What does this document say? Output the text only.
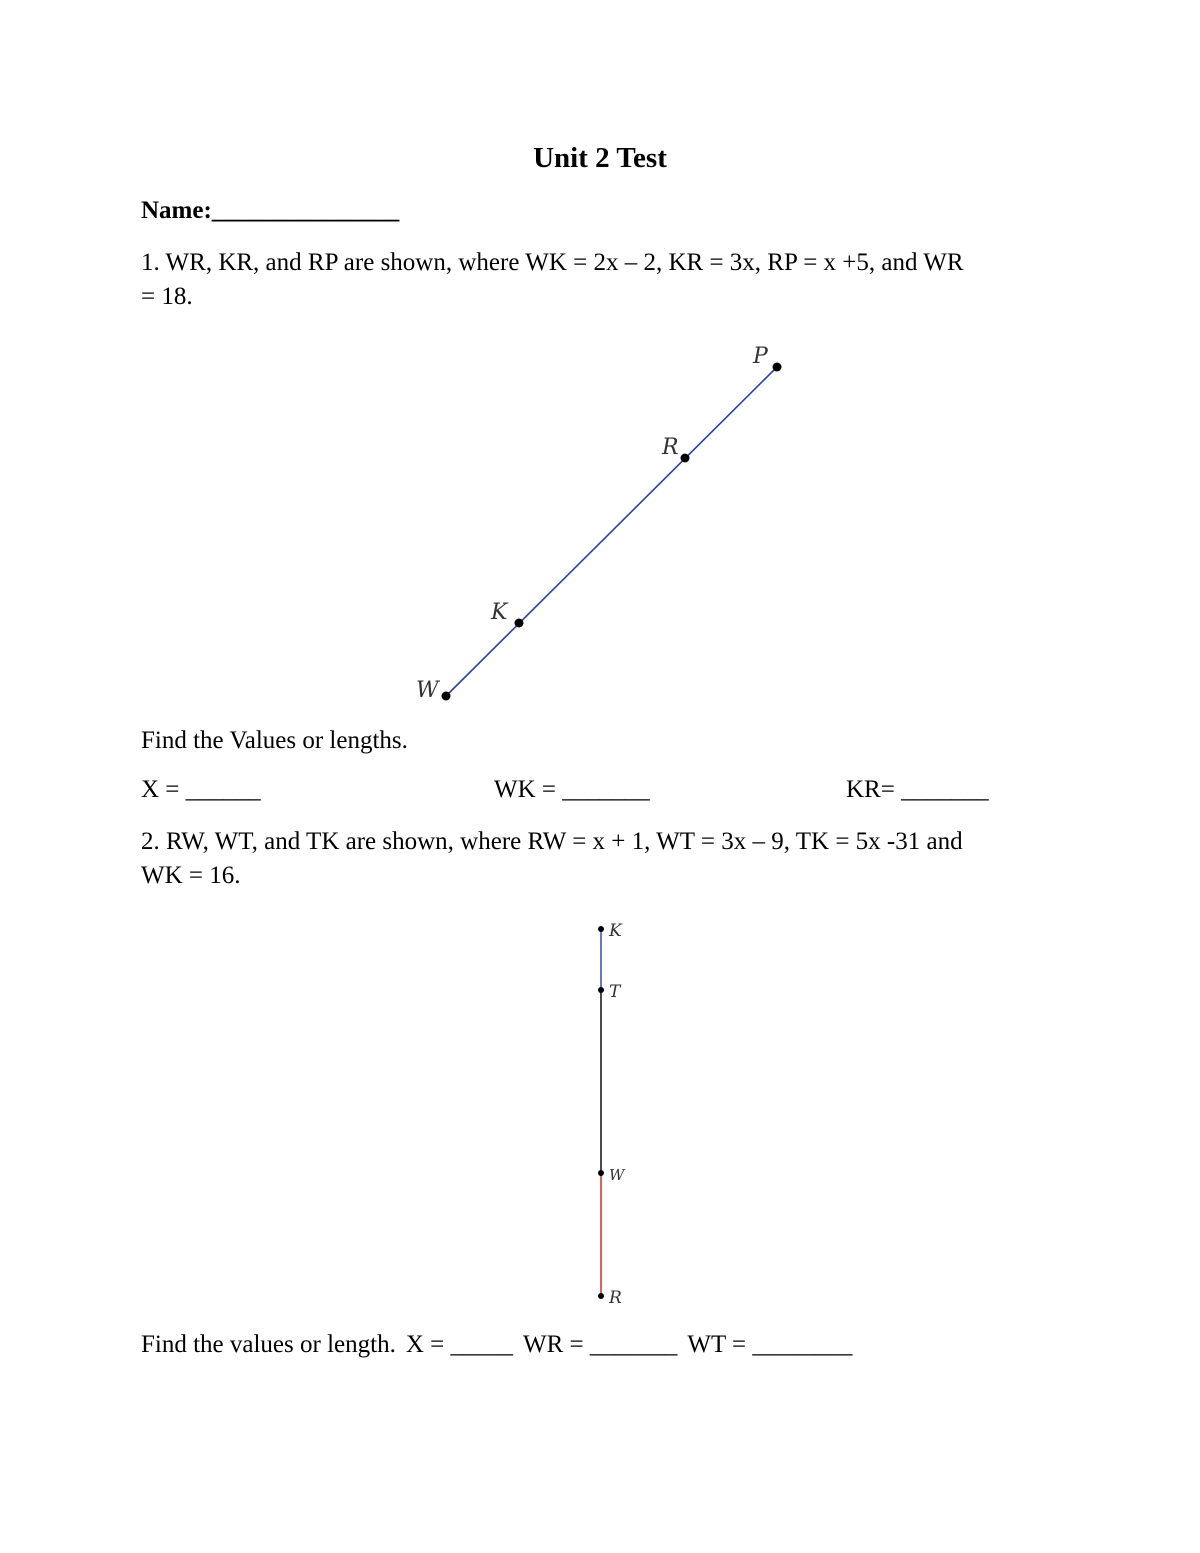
Unit 2 Test
Name:_______________
1. WR, KR, and RP are shown, where WK = 2x – 2, KR = 3x, RP = x +5, and WR
= 18.
P
R
K
W
K
T
W
R
Find the Values or lengths.
X = ______	WK = _______	KR= _______
2. RW, WT, and TK are shown, where RW = x + 1, WT = 3x – 9, TK = 5x -31 and
WK = 16.
Find the values or length. X = _____ WR = _______ WT = ________
